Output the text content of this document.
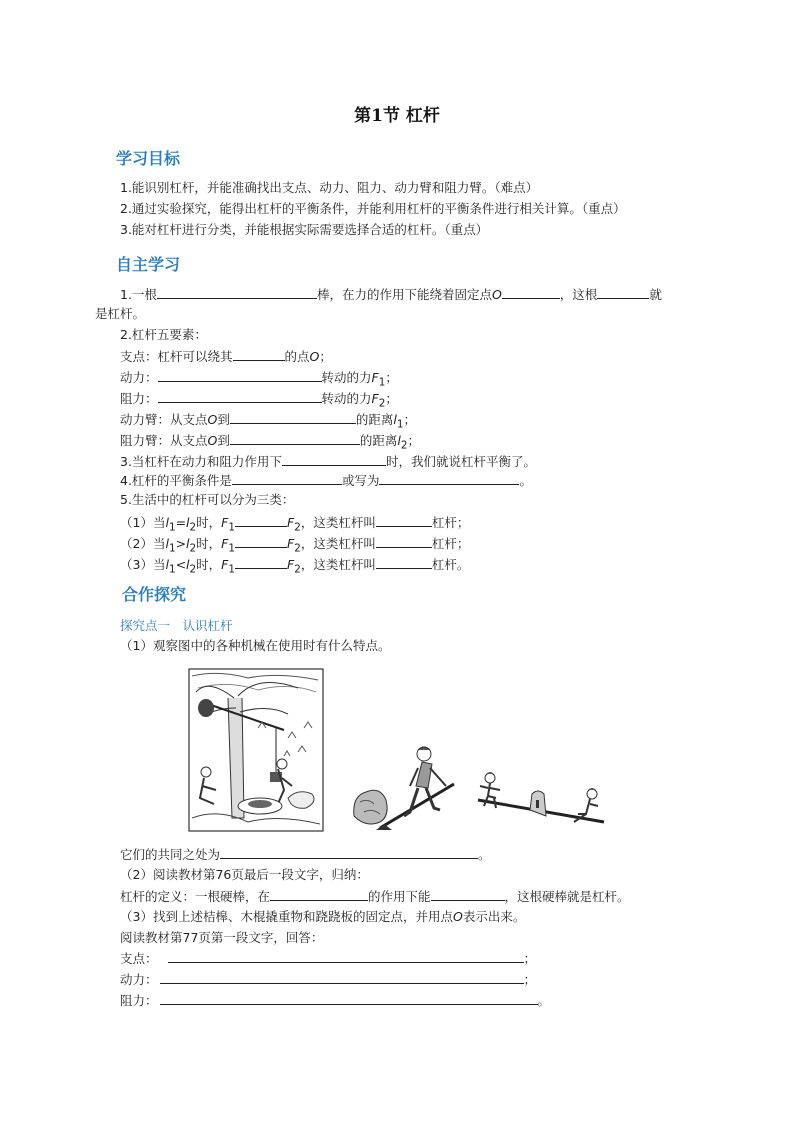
第1节 杠杆
学习目标
1.能识别杠杆，并能准确找出支点、动力、阻力、动力臂和阻力臂。（难点）
2.通过实验探究，能得出杠杆的平衡条件，并能利用杠杆的平衡条件进行相关计算。（重点）
3.能对杠杆进行分类，并能根据实际需要选择合适的杠杆。（重点）
自主学习
1.一根	棒，在力的作用下能绕着固定点O	，这根	就
是杠杆。
2.杠杆五要素：
支点：杠杆可以绕其	的点O；
动力：	转动的力$F_1$；
阻力：	转动的力$F_2$；
动力臂：从支点O到	的距离$l_1$；
阻力臂：从支点O到	的距离$l_2$；
3.当杠杆在动力和阻力作用下	时，我们就说杠杆平衡了。
4.杠杆的平衡条件是	或写为	。
5.生活中的杠杆可以分为三类：
（1）当$l_1=l_2$时，$F_1$	$F_2$，这类杠杆叫	杠杆；
（2）当$l_1>l_2$时，$F_1$	$F_2$，这类杠杆叫	杠杆；
（3）当$l_1<l_2$时，$F_1$	$F_2$，这类杠杆叫	杠杆。
合作探究
探究点一　认识杠杆
（1）观察图中的各种机械在使用时有什么特点。
它们的共同之处为	。
（2）阅读教材第76页最后一段文字，归纳：
杠杆的定义：一根硬棒，在	的作用下能	，这根硬棒就是杠杆。
（3）找到上述桔槔、木棍撬重物和跷跷板的固定点，并用点O表示出来。
阅读教材第77页第一段文字，回答：
支点：	；
动力：	；
阻力：	。
